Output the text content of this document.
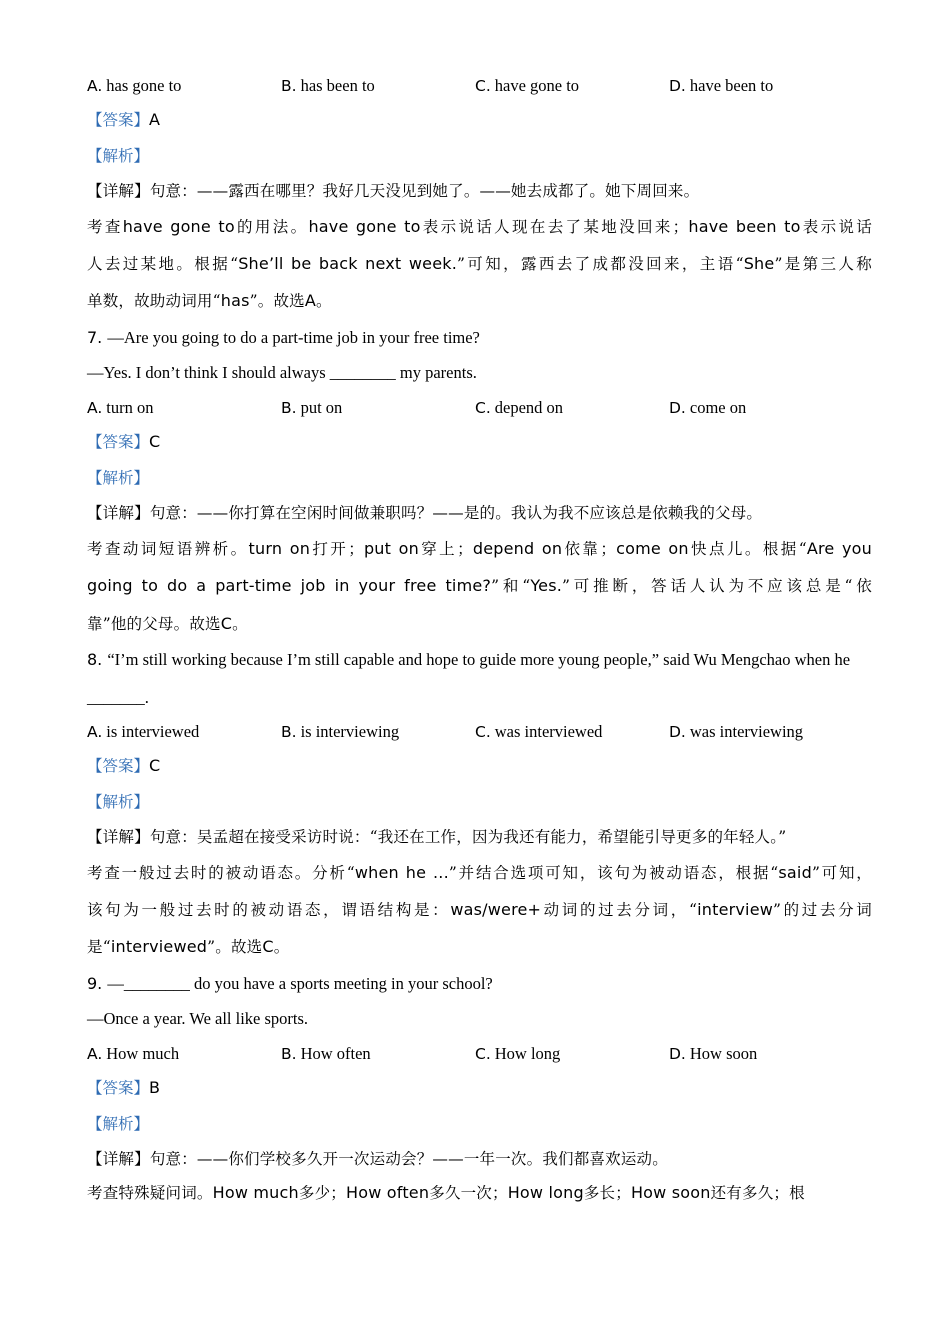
A. has gone to	B. has been to	C. have gone to	D. have been to
【答案】A
【解析】
【详解】句意：——露西在哪里？我好几天没见到她了。——她去成都了。她下周回来。
考查have gone to的用法。have gone to表示说话人现在去了某地没回来；have been to表示说话
人去过某地。根据“She’ll be back next week.”可知，露西去了成都没回来，主语“She”是第三人称
单数，故助动词用“has”。故选A。
7. —Are you going to do a part-time job in your free time?
—Yes. I don’t think I should always ________ my parents.
A. turn on	B. put on	C. depend on	D. come on
【答案】C
【解析】
【详解】句意：——你打算在空闲时间做兼职吗？——是的。我认为我不应该总是依赖我的父母。
考查动词短语辨析。turn on打开；put on穿上；depend on依靠；come on快点儿。根据“Are you
going to do a part-time job in your free time?”和“Yes.”可推断，答话人认为不应该总是“依
靠”他的父母。故选C。
8. “I’m still working because I’m still capable and hope to guide more young people,” said Wu Mengchao when he
_______.
A. is interviewed	B. is interviewing	C. was interviewed	D. was interviewing
【答案】C
【解析】
【详解】句意：吴孟超在接受采访时说：“我还在工作，因为我还有能力，希望能引导更多的年轻人。”
考查一般过去时的被动语态。分析“when he ...”并结合选项可知，该句为被动语态，根据“said”可知，
该句为一般过去时的被动语态，谓语结构是：was/were+动词的过去分词，“interview”的过去分词
是“interviewed”。故选C。
9. —________ do you have a sports meeting in your school?
—Once a year. We all like sports.
A. How much	B. How often	C. How long	D. How soon
【答案】B
【解析】
【详解】句意：——你们学校多久开一次运动会？——一年一次。我们都喜欢运动。
考查特殊疑问词。How much多少；How often多久一次；How long多长；How soon还有多久；根
